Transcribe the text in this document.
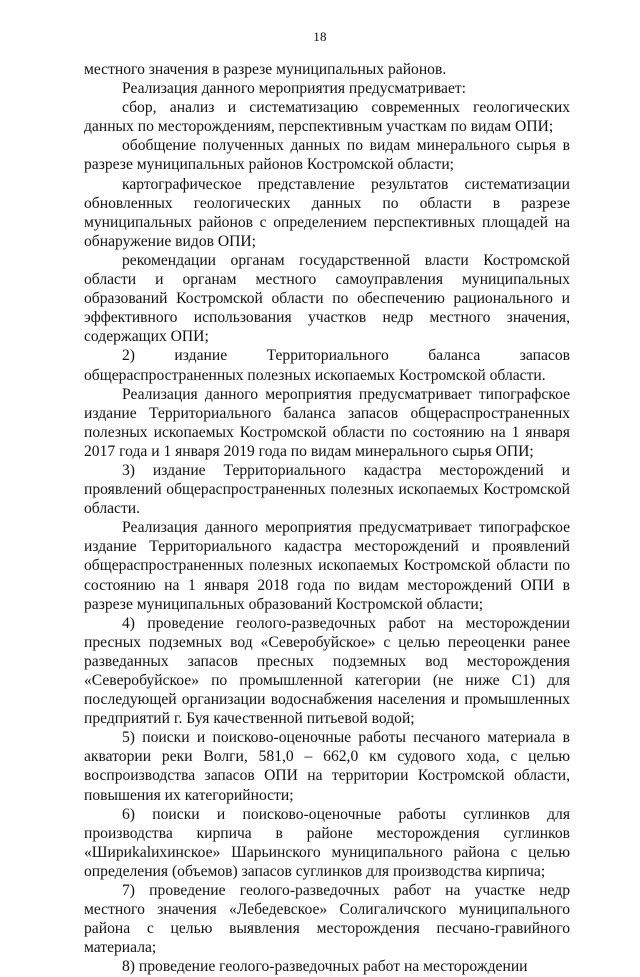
18

местного значения в разрезе муниципальных районов.

Реализация данного мероприятия предусматривает:

сбор, анализ и систематизацию современных геологических данных по месторождениям, перспективным участкам по видам ОПИ;

обобщение полученных данных по видам минерального сырья в разрезе муниципальных районов Костромской области;

картографическое представление результатов систематизации обновленных геологических данных по области в разрезе муниципальных районов с определением перспективных площадей на обнаружение видов ОПИ;

рекомендации органам государственной власти Костромской области и органам местного самоуправления муниципальных образований Костромской области по обеспечению рационального и эффективного использования участков недр местного значения, содержащих ОПИ;

2) издание Территориального баланса запасов общераспространенных полезных ископаемых Костромской области.

Реализация данного мероприятия предусматривает типографское издание Территориального баланса запасов общераспространенных полезных ископаемых Костромской области по состоянию на 1 января 2017 года и 1 января 2019 года по видам минерального сырья ОПИ;

3) издание Территориального кадастра месторождений и проявлений общераспространенных полезных ископаемых Костромской области.

Реализация данного мероприятия предусматривает типографское издание Территориального кадастра месторождений и проявлений общераспространенных полезных ископаемых Костромской области по состоянию на 1 января 2018 года по видам месторождений ОПИ в разрезе муниципальных образований Костромской области;

4) проведение геолого-разведочных работ на месторождении пресных подземных вод «Северобуйское» с целью переоценки ранее разведанных запасов пресных подземных вод месторождения «Северобуйское» по промышленной категории (не ниже С1) для последующей организации водоснабжения населения и промышленных предприятий г. Буя качественной питьевой водой;

5) поиски и поисково-оценочные работы песчаного материала в акватории реки Волги, 581,0 – 662,0 км судового хода, с целью воспроизводства запасов ОПИ на территории Костромской области, повышения их категорийности;

6) поиски и поисково-оценочные работы суглинков для производства кирпича в районе месторождения суглинков «Шириkalихинское» Шарьинского муниципального района с целью определения (объемов) запасов суглинков для производства кирпича;

7) проведение геолого-разведочных работ на участке недр местного значения «Лебедевское» Солигаличского муниципального района с целью выявления месторождения песчано-гравийного материала;

8) проведение геолого-разведочных работ на месторождении
